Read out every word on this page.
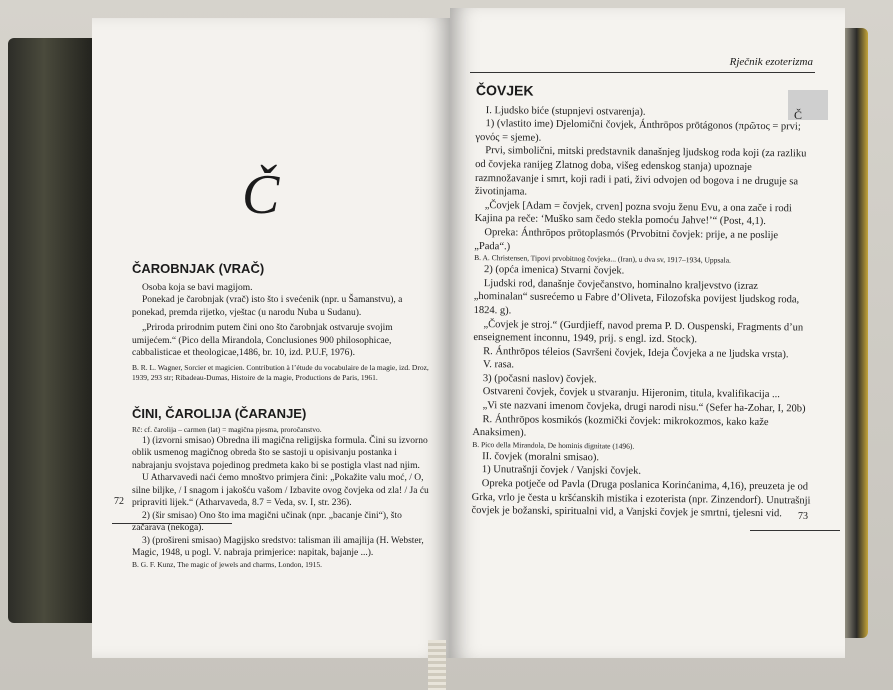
Č

ČAROBNJAK (VRAČ)

Osoba koja se bavi magijom.

Ponekad je čarobnjak (vrač) isto što i svećenik (npr. u Šamanstvu), a ponekad, premda rijetko, vještac (u narodu Nuba u Sudanu).

„Priroda prirodnim putem čini ono što čarobnjak ostvaruje svojim umijećem.“ (Pico della Mirandola, Conclusiones 900 philosophicae, cabbalisticae et theologicae,1486, br. 10, izd. P.U.F, 1976).

B. R. L. Wagner, Sorcier et magicien. Contribution à l’étude du vocabulaire de la magie, izd. Droz, 1939, 293 str; Ribadeau-Dumas, Histoire de la magie, Productions de Paris, 1961.

ČINI, ČAROLIJA (ČARANJE)

Rč: cf. čarolija – carmen (lat) = magična pjesma, proročanstvo.

1) (izvorni smisao) Obredna ili magična religijska formula. Čini su izvorno oblik usmenog magičnog obreda što se sastoji u opisivanju postanka i nabrajanju svojstava pojedinog predmeta kako bi se postigla vlast nad njim.

U Atharvavedi naći ćemo mnoštvo primjera čini: „Pokažite valu moć, / O, silne biljke, / I snagom i jakošću vašom / Izbavite ovog čovjeka od zla! / Ja ću pripraviti lijek.“ (Atharvaveda, 8.7 = Veda, sv. I, str. 236).

2) (šir smisao) Ono što ima magični učinak (npr. „bacanje čini“), što začarava (nekoga).

3) (prošireni smisao) Magijsko sredstvo: talisman ili amajlija (H. Webster, Magic, 1948, u pogl. V. nabraja primjerice: napitak, bajanje ...).

B. G. F. Kunz, The magic of jewels and charms, London, 1915.

72
Rječnik ezoterizma
Č

ČOVJEK

I. Ljudsko biće (stupnjevi ostvarenja).

1) (vlastito ime) Djelomični čovjek, Ánthrōpos prōtágonos (πρῶτος = prvi; γονός = sjeme).

Prvi, simbolični, mitski predstavnik današnjeg ljudskog roda koji (za razliku od čovjeka ranijeg Zlatnog doba, višeg edenskog stanja) upoznaje razmnožavanje i smrt, koji radi i pati, živi odvojen od bogova i ne druguje sa životinjama.

„Čovjek [Adam = čovjek, crven] pozna svoju ženu Evu, a ona zače i rodi Kajina pa reče: ‘Muško sam čedo stekla pomoću Jahve!’“ (Post, 4,1).

Opreka: Ánthrōpos prōtoplasmós (Prvobitni čovjek: prije, a ne poslije „Pada“.)

B. A. Christensen, Tipovi prvobitnog čovjeka... (Iran), u dva sv, 1917–1934, Uppsala.

2) (opća imenica) Stvarni čovjek.

Ljudski rod, današnje čovječanstvo, hominalno kraljevstvo (izraz „hominalan“ susrećemo u Fabre d’Oliveta, Filozofska povijest ljudskog roda, 1824. g).

„Čovjek je stroj.“ (Gurdjieff, navod prema P. D. Ouspenski, Fragments d’un enseignement inconnu, 1949, prij. s engl. izd. Stock).

R. Ánthrōpos téleios (Savršeni čovjek, Ideja Čovjeka a ne ljudska vrsta).

V. rasa.

3) (počasni naslov) čovjek.

Ostvareni čovjek, čovjek u stvaranju. Hijeronim, titula, kvalifikacija ...

„Vi ste nazvani imenom čovjeka, drugi narodi nisu.“ (Sefer ha-Zohar, I, 20b)

R. Ánthrōpos kosmikós (kozmički čovjek: mikrokozmos, kako kaže Anaksimen).

B. Pico della Mirandola, De hominis dignitate (1496).

II. čovjek (moralni smisao).

1) Unutrašnji čovjek / Vanjski čovjek.

Opreka potječe od Pavla (Druga poslanica Korinćanima, 4,16), preuzeta je od Grka, vrlo je česta u kršćanskih mistika i ezoterista (npr. Zinzendorf). Unutrašnji čovjek je božanski, spiritualni vid, a Vanjski čovjek je smrtni, tjelesni vid.	73
